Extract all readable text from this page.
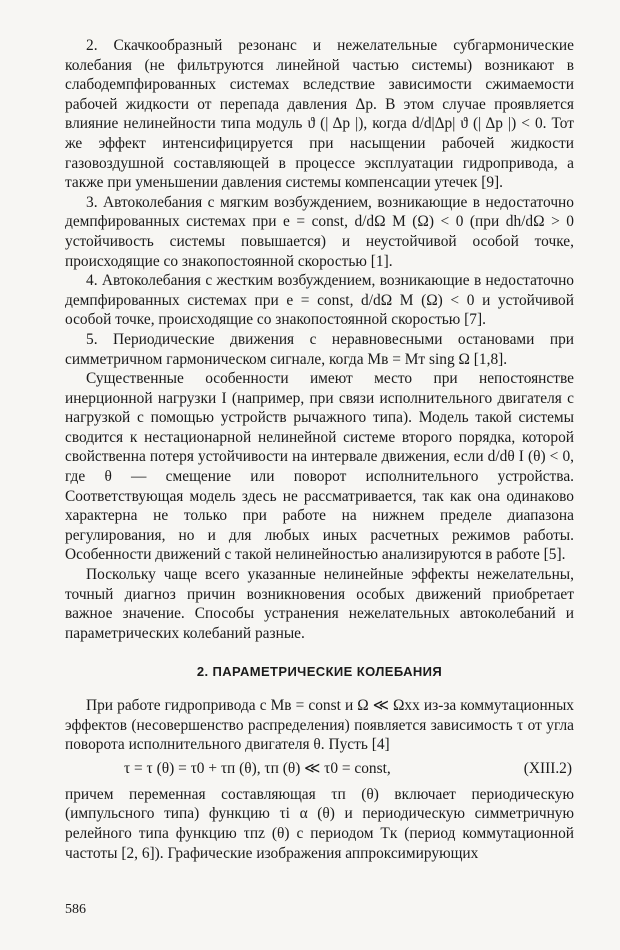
2. Скачкообразный резонанс и нежелательные субгармонические колебания (не фильтруются линейной частью системы) возникают в слабодемпфированных системах вследствие зависимости сжимаемости рабочей жидкости от перепада давления Δp. В этом случае проявляется влияние нелинейности типа модуль ϑ (| Δp |), когда d/d|Δp| ϑ (| Δp |) < 0. Тот же эффект интенсифицируется при насыщении рабочей жидкости газовоздушной составляющей в процессе эксплуатации гидропривода, а также при уменьшении давления системы компенсации утечек [9].

3. Автоколебания с мягким возбуждением, возникающие в недостаточно демпфированных системах при e = const, d/dΩ M (Ω) < 0 (при dh/dΩ > 0 устойчивость системы повышается) и неустойчивой особой точке, происходящие со знакопостоянной скоростью [1].

4. Автоколебания с жестким возбуждением, возникающие в недостаточно демпфированных системах при e = const, d/dΩ M (Ω) < 0 и устойчивой особой точке, происходящие со знакопостоянной скоростью [7].

5. Периодические движения с неравновесными остановами при симметричном гармоническом сигнале, когда Mв = Mт sing Ω [1,8].

Существенные особенности имеют место при непостоянстве инерционной нагрузки I (например, при связи исполнительного двигателя с нагрузкой с помощью устройств рычажного типа). Модель такой системы сводится к нестационарной нелинейной системе второго порядка, которой свойственна потеря устойчивости на интервале движения, если d/dθ I (θ) < 0, где θ — смещение или поворот исполнительного устройства. Соответствующая модель здесь не рассматривается, так как она одинаково характерна не только при работе на нижнем пределе диапазона регулирования, но и для любых иных расчетных режимов работы. Особенности движений с такой нелинейностью анализируются в работе [5].

Поскольку чаще всего указанные нелинейные эффекты нежелательны, точный диагноз причин возникновения особых движений приобретает важное значение. Способы устранения нежелательных автоколебаний и параметрических колебаний разные.

2. ПАРАМЕТРИЧЕСКИЕ КОЛЕБАНИЯ

При работе гидропривода с Mв = const и Ω ≪ Ωxx из-за коммутационных эффектов (несовершенство распределения) появляется зависимость τ от угла поворота исполнительного двигателя θ. Пусть [4]

τ = τ (θ) = τ0 + τп (θ), τп (θ) ≪ τ0 = const,	(XIII.2)

причем переменная составляющая τп (θ) включает периодическую (импульсного типа) функцию τi α (θ) и периодическую симметричную релейного типа функцию τпz (θ) с периодом Tк (период коммутационной частоты [2, 6]). Графические изображения аппроксимирующих

586
